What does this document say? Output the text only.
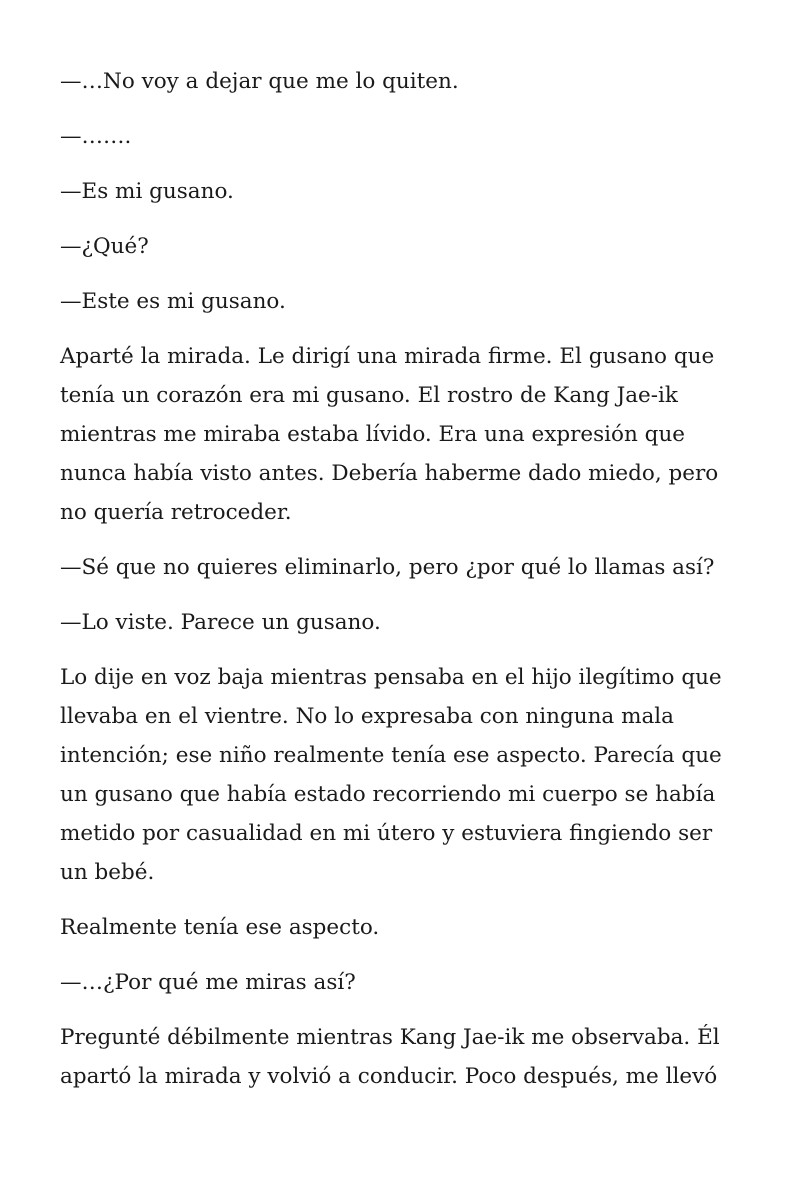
—…No voy a dejar que me lo quiten.

—…….

—Es mi gusano.

—¿Qué?

—Este es mi gusano.

Aparté la mirada. Le dirigí una mirada firme. El gusano que
tenía un corazón era mi gusano. El rostro de Kang Jae-ik
mientras me miraba estaba lívido. Era una expresión que
nunca había visto antes. Debería haberme dado miedo, pero
no quería retroceder.

—Sé que no quieres eliminarlo, pero ¿por qué lo llamas así?

—Lo viste. Parece un gusano.

Lo dije en voz baja mientras pensaba en el hijo ilegítimo que
llevaba en el vientre. No lo expresaba con ninguna mala
intención; ese niño realmente tenía ese aspecto. Parecía que
un gusano que había estado recorriendo mi cuerpo se había
metido por casualidad en mi útero y estuviera fingiendo ser
un bebé.

Realmente tenía ese aspecto.

—…¿Por qué me miras así?

Pregunté débilmente mientras Kang Jae-ik me observaba. Él
apartó la mirada y volvió a conducir. Poco después, me llevó
